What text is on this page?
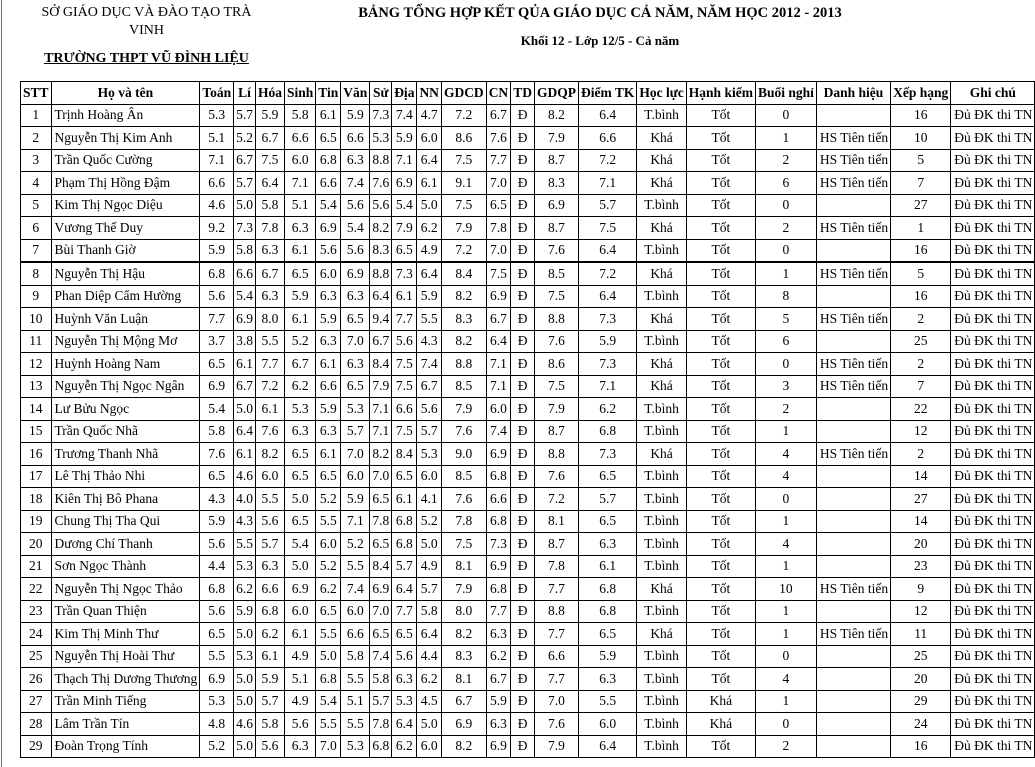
SỞ GIÁO DỤC VÀ ĐÀO TẠO TRÀ VINH
TRƯỜNG THPT VŨ ĐÌNH LIỆU
BẢNG TỔNG HỢP KẾT QỦA GIÁO DỤC CẢ NĂM, NĂM HỌC 2012 - 2013
Khối 12 - Lớp 12/5 - Cả năm
STT	Họ và tên	Toán	Lí	Hóa	Sinh	Tin	Văn	Sử	Địa	NN	GDCD	CN	TD	GDQP	Điểm TK	Học lực	Hạnh kiểm	Buổi nghỉ	Danh hiệu	Xếp hạng	Ghi chú
1	Trịnh Hoàng Ân	5.3	5.7	5.9	5.8	6.1	5.9	7.3	7.4	4.7	7.2	6.7	Đ	8.2	6.4	T.bình	Tốt	0		16	Đủ ĐK thi TN
2	Nguyễn Thị Kim Anh	5.1	5.2	6.7	6.6	6.5	6.6	5.3	5.9	6.0	8.6	7.6	Đ	7.9	6.6	Khá	Tốt	1	HS Tiên tiến	10	Đủ ĐK thi TN
3	Trần Quốc Cường	7.1	6.7	7.5	6.0	6.8	6.3	8.8	7.1	6.4	7.5	7.7	Đ	8.7	7.2	Khá	Tốt	2	HS Tiên tiến	5	Đủ ĐK thi TN
4	Phạm Thị Hồng Đậm	6.6	5.7	6.4	7.1	6.6	7.4	7.6	6.9	6.1	9.1	7.0	Đ	8.3	7.1	Khá	Tốt	6	HS Tiên tiến	7	Đủ ĐK thi TN
5	Kim Thị Ngọc Diệu	4.6	5.0	5.8	5.1	5.4	5.6	5.6	5.4	5.0	7.5	6.5	Đ	6.9	5.7	T.bình	Tốt	0		27	Đủ ĐK thi TN
6	Vương Thế Duy	9.2	7.3	7.8	6.3	6.9	5.4	8.2	7.9	6.2	7.9	7.8	Đ	8.7	7.5	Khá	Tốt	2	HS Tiên tiến	1	Đủ ĐK thi TN
7	Bùi Thanh Giờ	5.9	5.8	6.3	6.1	5.6	5.6	8.3	6.5	4.9	7.2	7.0	Đ	7.6	6.4	T.bình	Tốt	0		16	Đủ ĐK thi TN
8	Nguyễn Thị Hậu	6.8	6.6	6.7	6.5	6.0	6.9	8.8	7.3	6.4	8.4	7.5	Đ	8.5	7.2	Khá	Tốt	1	HS Tiên tiến	5	Đủ ĐK thi TN
9	Phan Diệp Cẩm Hường	5.6	5.4	6.3	5.9	6.3	6.3	6.4	6.1	5.9	8.2	6.9	Đ	7.5	6.4	T.bình	Tốt	8		16	Đủ ĐK thi TN
10	Huỳnh Văn Luận	7.7	6.9	8.0	6.1	5.9	6.5	9.4	7.7	5.5	8.3	6.7	Đ	8.8	7.3	Khá	Tốt	5	HS Tiên tiến	2	Đủ ĐK thi TN
11	Nguyễn Thị Mộng Mơ	3.7	3.8	5.5	5.2	6.3	7.0	6.7	5.6	4.3	8.2	6.4	Đ	7.6	5.9	T.bình	Tốt	6		25	Đủ ĐK thi TN
12	Huỳnh Hoàng Nam	6.5	6.1	7.7	6.7	6.1	6.3	8.4	7.5	7.4	8.8	7.1	Đ	8.6	7.3	Khá	Tốt	0	HS Tiên tiến	2	Đủ ĐK thi TN
13	Nguyễn Thị Ngọc Ngân	6.9	6.7	7.2	6.2	6.6	6.5	7.9	7.5	6.7	8.5	7.1	Đ	7.5	7.1	Khá	Tốt	3	HS Tiên tiến	7	Đủ ĐK thi TN
14	Lư Bửu Ngọc	5.4	5.0	6.1	5.3	5.9	5.3	7.1	6.6	5.6	7.9	6.0	Đ	7.9	6.2	T.bình	Tốt	2		22	Đủ ĐK thi TN
15	Trần Quốc Nhã	5.8	6.4	7.6	6.3	6.3	5.7	7.1	7.5	5.7	7.6	7.4	Đ	8.7	6.8	T.bình	Tốt	1		12	Đủ ĐK thi TN
16	Trương Thanh Nhã	7.6	6.1	8.2	6.5	6.1	7.0	8.2	8.4	5.3	9.0	6.9	Đ	8.8	7.3	Khá	Tốt	4	HS Tiên tiến	2	Đủ ĐK thi TN
17	Lê Thị Thảo Nhi	6.5	4.6	6.0	6.5	6.5	6.0	7.0	6.5	6.0	8.5	6.8	Đ	7.6	6.5	T.bình	Tốt	4		14	Đủ ĐK thi TN
18	Kiên Thị Bô Phana	4.3	4.0	5.5	5.0	5.2	5.9	6.5	6.1	4.1	7.6	6.6	Đ	7.2	5.7	T.bình	Tốt	0		27	Đủ ĐK thi TN
19	Chung Thị Tha Qui	5.9	4.3	5.6	6.5	5.5	7.1	7.8	6.8	5.2	7.8	6.8	Đ	8.1	6.5	T.bình	Tốt	1		14	Đủ ĐK thi TN
20	Dương Chí Thanh	5.6	5.5	5.7	5.4	6.0	5.2	6.5	6.8	5.0	7.5	7.3	Đ	8.7	6.3	T.bình	Tốt	4		20	Đủ ĐK thi TN
21	Sơn Ngọc Thành	4.4	5.3	6.3	5.0	5.2	5.5	8.4	5.7	4.9	8.1	6.9	Đ	7.8	6.1	T.bình	Tốt	1		23	Đủ ĐK thi TN
22	Nguyễn Thị Ngọc Thảo	6.8	6.2	6.6	6.9	6.2	7.4	6.9	6.4	5.7	7.9	6.8	Đ	7.7	6.8	Khá	Tốt	10	HS Tiên tiến	9	Đủ ĐK thi TN
23	Trần Quan Thiện	5.6	5.9	6.8	6.0	6.5	6.0	7.0	7.7	5.8	8.0	7.7	Đ	8.8	6.8	T.bình	Tốt	1		12	Đủ ĐK thi TN
24	Kim Thị Minh Thư	6.5	5.0	6.2	6.1	5.5	6.6	6.5	6.5	6.4	8.2	6.3	Đ	7.7	6.5	Khá	Tốt	1	HS Tiên tiến	11	Đủ ĐK thi TN
25	Nguyễn Thị Hoài Thư	5.5	5.3	6.1	4.9	5.0	5.8	7.4	5.6	4.4	8.3	6.2	Đ	6.6	5.9	T.bình	Tốt	0		25	Đủ ĐK thi TN
26	Thạch Thị Dương Thương	6.9	5.0	5.9	5.1	6.8	5.5	5.8	6.3	6.2	8.1	6.7	Đ	7.7	6.3	T.bình	Tốt	4		20	Đủ ĐK thi TN
27	Trần Minh Tiếng	5.3	5.0	5.7	4.9	5.4	5.1	5.7	5.3	4.5	6.7	5.9	Đ	7.0	5.5	T.bình	Khá	1		29	Đủ ĐK thi TN
28	Lâm Trần Tín	4.8	4.6	5.8	5.6	5.5	5.5	7.8	6.4	5.0	6.9	6.3	Đ	7.6	6.0	T.bình	Khá	0		24	Đủ ĐK thi TN
29	Đoàn Trọng Tính	5.2	5.0	5.6	6.3	7.0	5.3	6.8	6.2	6.0	8.2	6.9	Đ	7.9	6.4	T.bình	Tốt	2		16	Đủ ĐK thi TN
